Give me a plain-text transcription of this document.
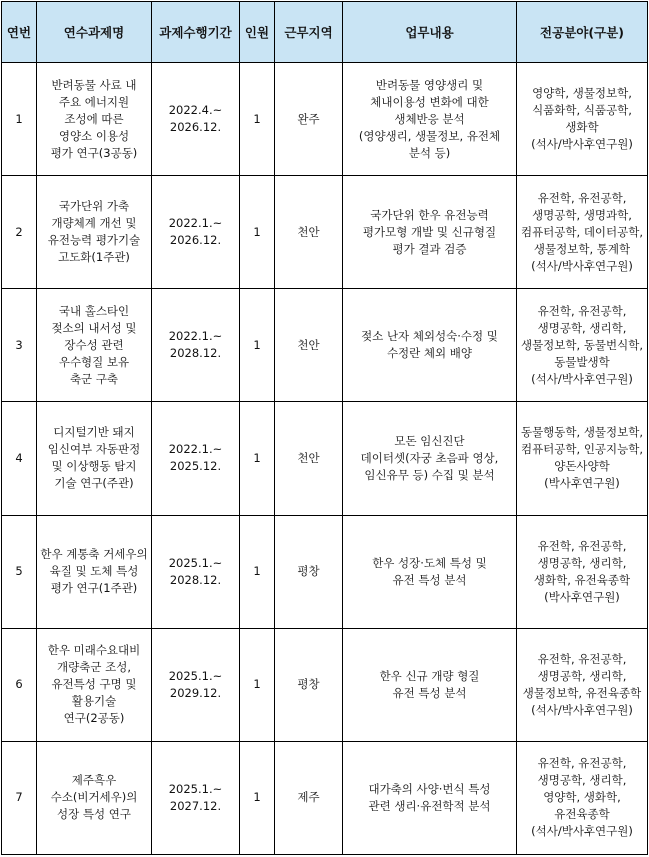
연번	연수과제명	과제수행기간	인원	근무지역	업무내용	전공분야(구분)
1	반려동물 사료 내
주요 에너지원
조성에 따른
영양소 이용성
평가 연구(3공동)	2022.4.~
2026.12.	1	완주	반려동물 영양생리 및
체내이용성 변화에 대한
생체반응 분석
(영양생리, 생물정보, 유전체
분석 등)	영양학, 생물정보학,
식품화학, 식품공학,
생화학
(석사/박사후연구원)

2	국가단위 가축
개량체계 개선 및
유전능력 평가기술
고도화(1주관)	2022.1.~
2026.12.	1	천안	국가단위 한우 유전능력
평가모형 개발 및 신규형질
평가 결과 검증	유전학, 유전공학,
생명공학, 생명과학,
컴퓨터공학, 데이터공학,
생물정보학, 통계학
(석사/박사후연구원)

3	국내 홀스타인
젖소의 내서성 및
장수성 관련
우수형질 보유
축군 구축	2022.1.~
2028.12.	1	천안	젖소 난자 체외성숙·수정 및
수정란 체외 배양	유전학, 유전공학,
생명공학, 생리학,
생물정보학, 동물번식학,
동물발생학
(석사/박사후연구원)

4	디지털기반 돼지
임신여부 자동판정
및 이상행동 탐지
기술 연구(주관)	2022.1.~
2025.12.	1	천안	모돈 임신진단
데이터셋(자궁 초음파 영상,
임신유무 등) 수집 및 분석	동물행동학, 생물정보학,
컴퓨터공학, 인공지능학,
양돈사양학
(박사후연구원)

5	한우 계통축 거세우의
육질 및 도체 특성
평가 연구(1주관)	2025.1.~
2028.12.	1	평창	한우 성장·도체 특성 및
유전 특성 분석	유전학, 유전공학,
생명공학, 생리학,
생화학, 유전육종학
(박사후연구원)

6	한우 미래수요대비
개량축군 조성,
유전특성 구명 및
활용기술
연구(2공동)	2025.1.~
2029.12.	1	평창	한우 신규 개량 형질
유전 특성 분석	유전학, 유전공학,
생명공학, 생리학,
생물정보학, 유전육종학
(석사/박사후연구원)

7	제주흑우
수소(비거세우)의
성장 특성 연구	2025.1.~
2027.12.	1	제주	대가축의 사양·번식 특성
관련 생리·유전학적 분석	유전학, 유전공학,
생명공학, 생리학,
영양학, 생화학,
유전육종학
(석사/박사후연구원)
